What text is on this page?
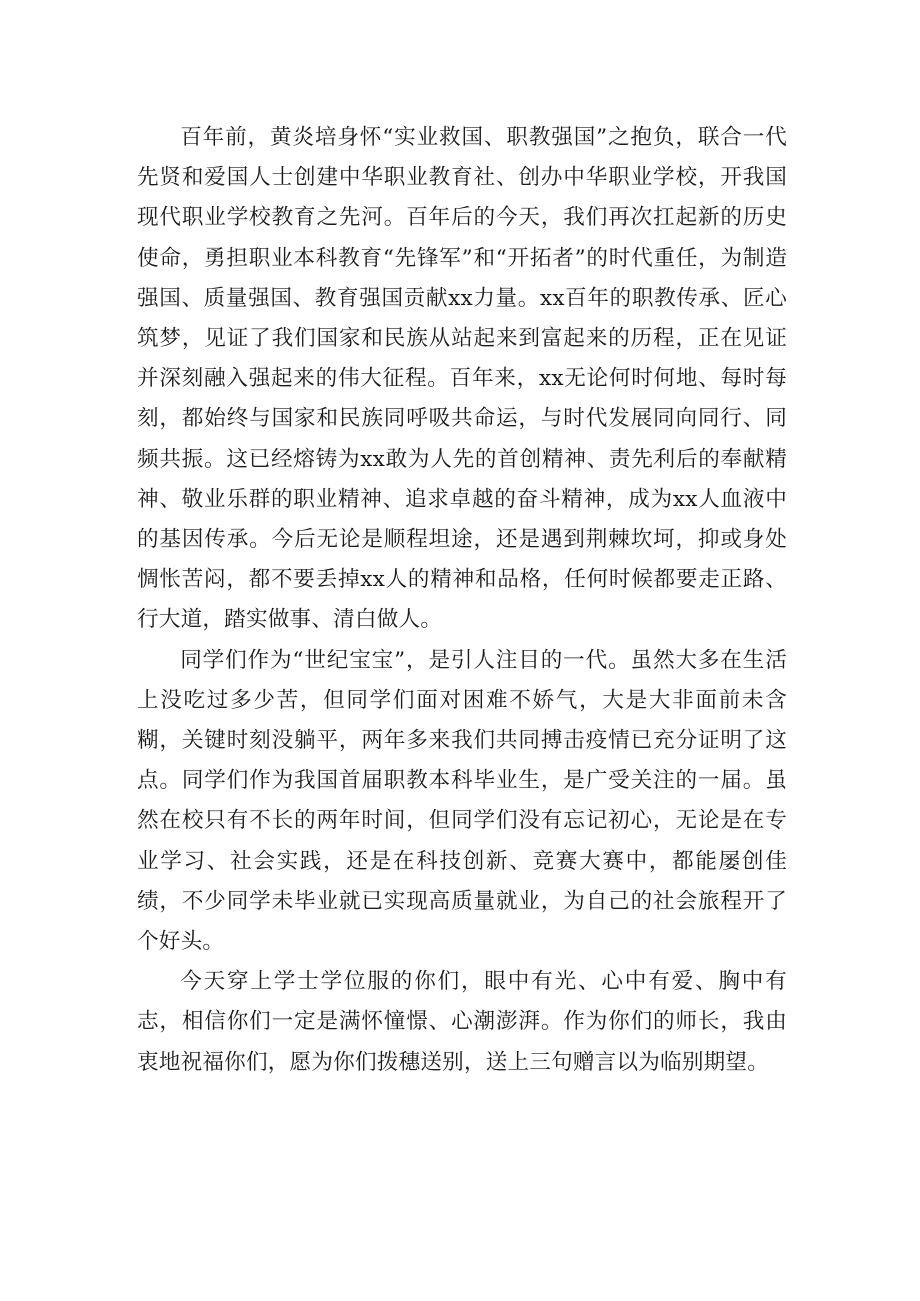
百年前，黄炎培身怀“实业救国、职教强国”之抱负，联合一代先贤和爱国人士创建中华职业教育社、创办中华职业学校，开我国现代职业学校教育之先河。百年后的今天，我们再次扛起新的历史使命，勇担职业本科教育“先锋军”和“开拓者”的时代重任，为制造强国、质量强国、教育强国贡献xx力量。xx百年的职教传承、匠心筑梦，见证了我们国家和民族从站起来到富起来的历程，正在见证并深刻融入强起来的伟大征程。百年来，xx无论何时何地、每时每刻，都始终与国家和民族同呼吸共命运，与时代发展同向同行、同频共振。这已经熔铸为xx敢为人先的首创精神、责先利后的奉献精神、敬业乐群的职业精神、追求卓越的奋斗精神，成为xx人血液中的基因传承。今后无论是顺程坦途，还是遇到荆棘坎坷，抑或身处惆怅苦闷，都不要丢掉xx人的精神和品格，任何时候都要走正路、行大道，踏实做事、清白做人。

同学们作为“世纪宝宝”，是引人注目的一代。虽然大多在生活上没吃过多少苦，但同学们面对困难不娇气，大是大非面前未含糊，关键时刻没躺平，两年多来我们共同搏击疫情已充分证明了这点。同学们作为我国首届职教本科毕业生，是广受关注的一届。虽然在校只有不长的两年时间，但同学们没有忘记初心，无论是在专业学习、社会实践，还是在科技创新、竞赛大赛中，都能屡创佳绩，不少同学未毕业就已实现高质量就业，为自己的社会旅程开了个好头。

今天穿上学士学位服的你们，眼中有光、心中有爱、胸中有志，相信你们一定是满怀憧憬、心潮澎湃。作为你们的师长，我由衷地祝福你们，愿为你们拨穗送别，送上三句赠言以为临别期望。
